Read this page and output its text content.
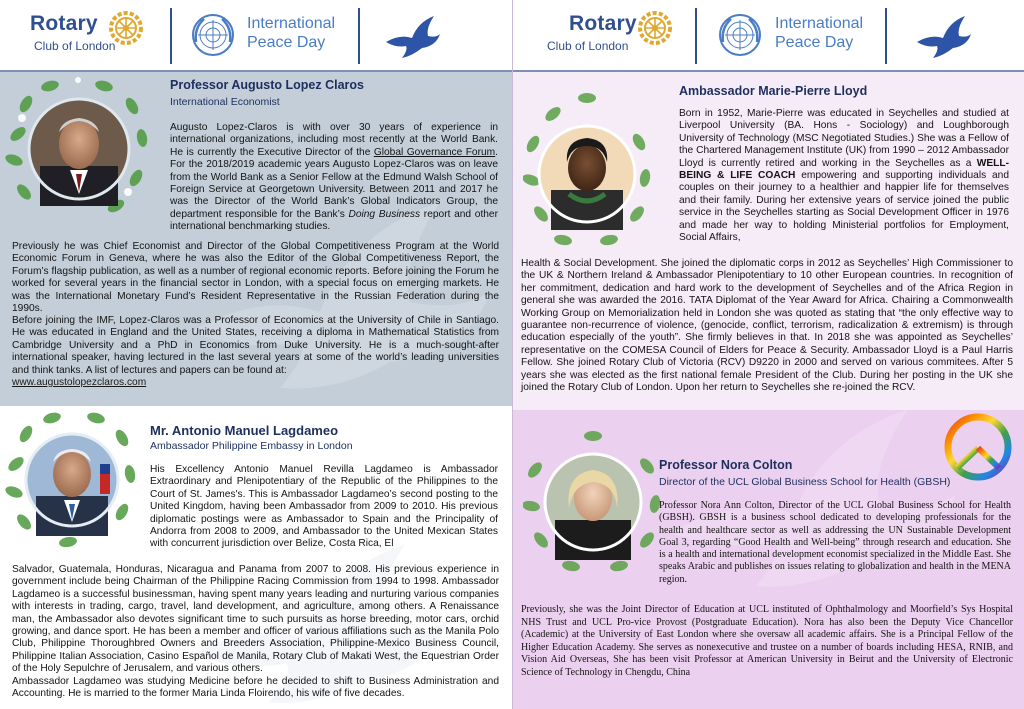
Rotary
Club of London
International
Peace Day
Professor Augusto Lopez Claros
International Economist
Augusto Lopez-Claros is with over 30 years of experience in international organizations, including most recently at the World Bank. He is currently the Executive Director of the Global Governance Forum. For the 2018/2019 academic years Augusto Lopez-Claros was on leave from the World Bank as a Senior Fellow at the Edmund Walsh School of Foreign Service at Georgetown University. Between 2011 and 2017 he was the Director of the World Bank’s Global Indicators Group, the department responsible for the Bank’s Doing Business report and other international benchmarking studies.
Previously he was Chief Economist and Director of the Global Competitiveness Program at the World Economic Forum in Geneva, where he was also the Editor of the Global Competitiveness Report, the Forum’s flagship publication, as well as a number of regional economic reports. Before joining the Forum he worked for several years in the financial sector in London, with a special focus on emerging markets. He was the International Monetary Fund’s Resident Representative in the Russian Federation during the 1990s.
Before joining the IMF, Lopez-Claros was a Professor of Economics at the University of Chile in Santiago. He was educated in England and the United States, receiving a diploma in Mathematical Statistics from Cambridge University and a PhD in Economics from Duke University. He is a much-sought-after international speaker, having lectured in the last several years at some of the world’s leading universities and think tanks. A list of lectures and papers can be found at:
www.augustolopezclaros.com
Mr. Antonio Manuel Lagdameo
Ambassador Philippine Embassy in London
His Excellency Antonio Manuel Revilla Lagdameo is Ambassador Extraordinary and Plenipotentiary of the Republic of the Philippines to the Court of St. James's. This is Ambassador Lagdameo’s second posting to the United Kingdom, having been Ambassador from 2009 to 2010. His previous diplomatic postings were as Ambassador to Spain and the Principality of Andorra from 2008 to 2009, and Ambassador to the United Mexican States with concurrent jurisdiction over Belize, Costa Rica, El
Salvador, Guatemala, Honduras, Nicaragua and Panama from 2007 to 2008. His previous experience in government include being Chairman of the Philippine Racing Commission from 1994 to 1998. Ambassador Lagdameo is a successful businessman, having spent many years leading and nurturing various companies with interests in trading, cargo, travel, land development, and agriculture, among others. A Renaissance man, the Ambassador also devotes significant time to such pursuits as horse breeding, motor cars, orchid growing, and dance sport. He has been a member and officer of various affiliations such as the Manila Polo Club, Philippine Thoroughbred Owners and Breeders Association, Philippine-Mexico Business Council, Philippine Italian Association, Casino Español de Manila, Rotary Club of Makati West, the Equestrian Order of the Holy Sepulchre of Jerusalem, and various others.
Ambassador Lagdameo was studying Medicine before he decided to shift to Business Administration and Accounting. He is married to the former Maria Linda Floirendo, his wife of five decades.
Rotary
Club of London
International
Peace Day
Ambassador Marie-Pierre Lloyd
Born in 1952, Marie-Pierre was educated in Seychelles and studied at Liverpool University (BA. Hons - Sociology) and Loughborough University of Technology (MSC Negotiated Studies.) She was a Fellow of the Chartered Management Institute (UK) from 1990 – 2012 Ambassador Lloyd is currently retired and working in the Seychelles as a WELL-BEING & LIFE COACH empowering and supporting individuals and couples on their journey to a healthier and happier life for themselves and their family. During her extensive years of service joined the public service in the Seychelles starting as Social Development Officer in 1976 and made her way to holding Ministerial portfolios for Employment, Social Affairs,
Health & Social Development. She joined the diplomatic corps in 2012 as Seychelles’ High Commissioner to the UK & Northern Ireland & Ambassador Plenipotentiary to 10 other European countries. In recognition of her commitment, dedication and hard work to the development of Seychelles and of the Africa Region in general she was awarded the 2016. TATA Diplomat of the Year Award for Africa. Chairing a Commonwealth Working Group on Memorialization held in London she was quoted as stating that “the only effective way to guarantee non-recurrence of violence, (genocide, conflict, terrorism, radicalization & extremism) is through education especially of the youth”. She firmly believes in that. In 2018 she was appointed as Seychelles’ representative on the COMESA Council of Elders for Peace & Security. Ambassador Lloyd is a Paul Harris Fellow. She joined Rotary Club of Victoria (RCV) D9220 in 2000 and served on various commitees. After 5 years she was elected as the first national female President of the Club. During her posting in the UK she joined the Rotary Club of London. Upon her return to Seychelles she re-joined the RCV.
Professor Nora Colton
Director of the UCL Global Business School for Health (GBSH)
Professor Nora Ann Colton, Director of the UCL Global Business School for Health (GBSH). GBSH is a business school dedicated to developing professionals for the health and healthcare sector as well as addressing the UN Sustainable Development Goal 3, regarding “Good Health and Well-being” through research and education. She is a health and international development economist specialized in the Middle East. She speaks Arabic and publishes on issues relating to globalization and health in the MENA region.
Previously, she was the Joint Director of Education at UCL instituted of Ophthalmology and Moorfield’s Sys Hospital NHS Trust and UCL Pro-vice Provost (Postgraduate Education). Nora has also been the Deputy Vice Chancellor (Academic) at the University of East London where she oversaw all academic affairs. She is a Principal Fellow of the Higher Education Academy. She serves as nonexecutive and trustee on a number of boards including HESA, RNIB, and Vision Aid Overseas, She has been visit Professor at American University in Beirut and the University of Electronic Science of Technology in Chengdu, China
